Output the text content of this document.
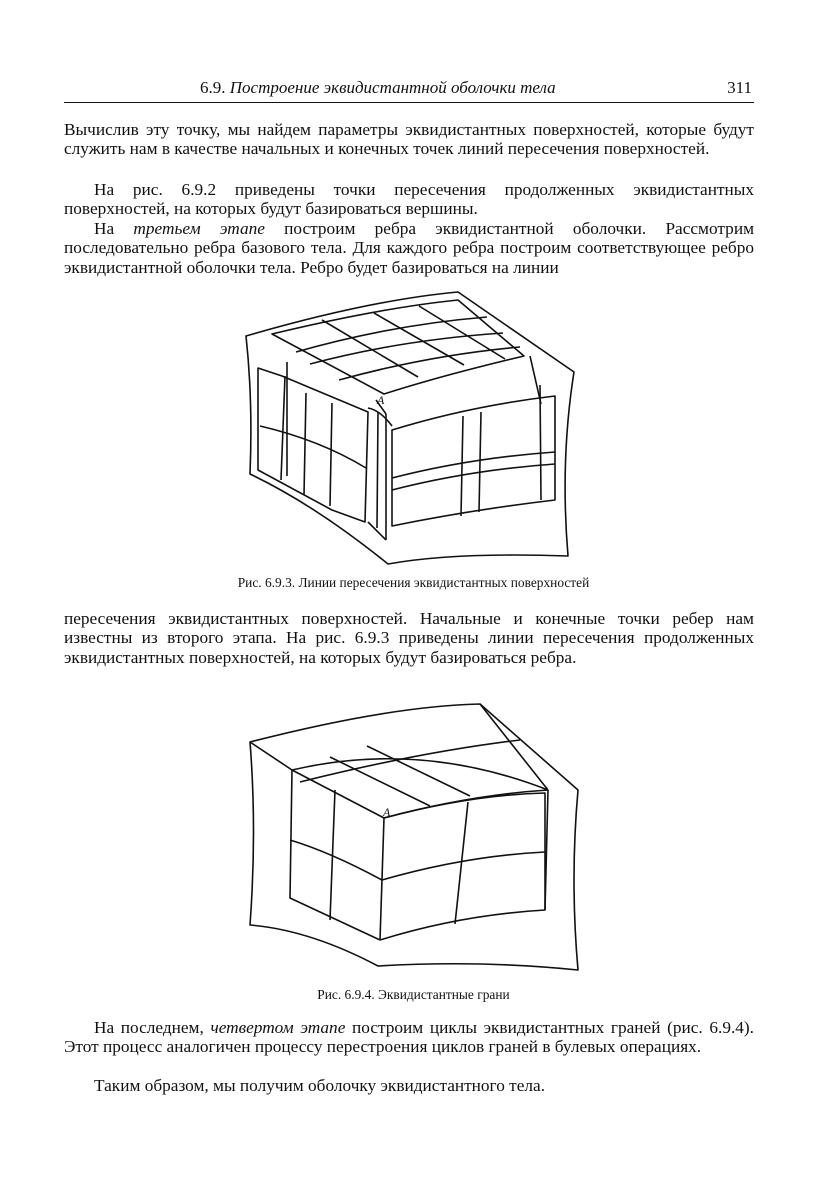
6.9. Построение эквидистантной оболочки тела	311

Вычислив эту точку, мы найдем параметры эквидистантных поверхностей, которые будут служить нам в качестве начальных и конечных точек линий пересечения поверхностей.

На рис. 6.9.2 приведены точки пересечения продолженных эквидистантных поверхностей, на которых будут базироваться вершины.

На третьем этапе построим ребра эквидистантной оболочки. Рассмотрим последовательно ребра базового тела. Для каждого ребра построим соответствующее ребро эквидистантной оболочки тела. Ребро будет базироваться на линии

A
Рис. 6.9.3. Линии пересечения эквидистантных поверхностей

пересечения эквидистантных поверхностей. Начальные и конечные точки ребер нам известны из второго этапа. На рис. 6.9.3 приведены линии пересечения продолженных эквидистантных поверхностей, на которых будут базироваться ребра.

A
Рис. 6.9.4. Эквидистантные грани

На последнем, четвертом этапе построим циклы эквидистантных граней (рис. 6.9.4). Этот процесс аналогичен процессу перестроения циклов граней в булевых операциях.

Таким образом, мы получим оболочку эквидистантного тела.
